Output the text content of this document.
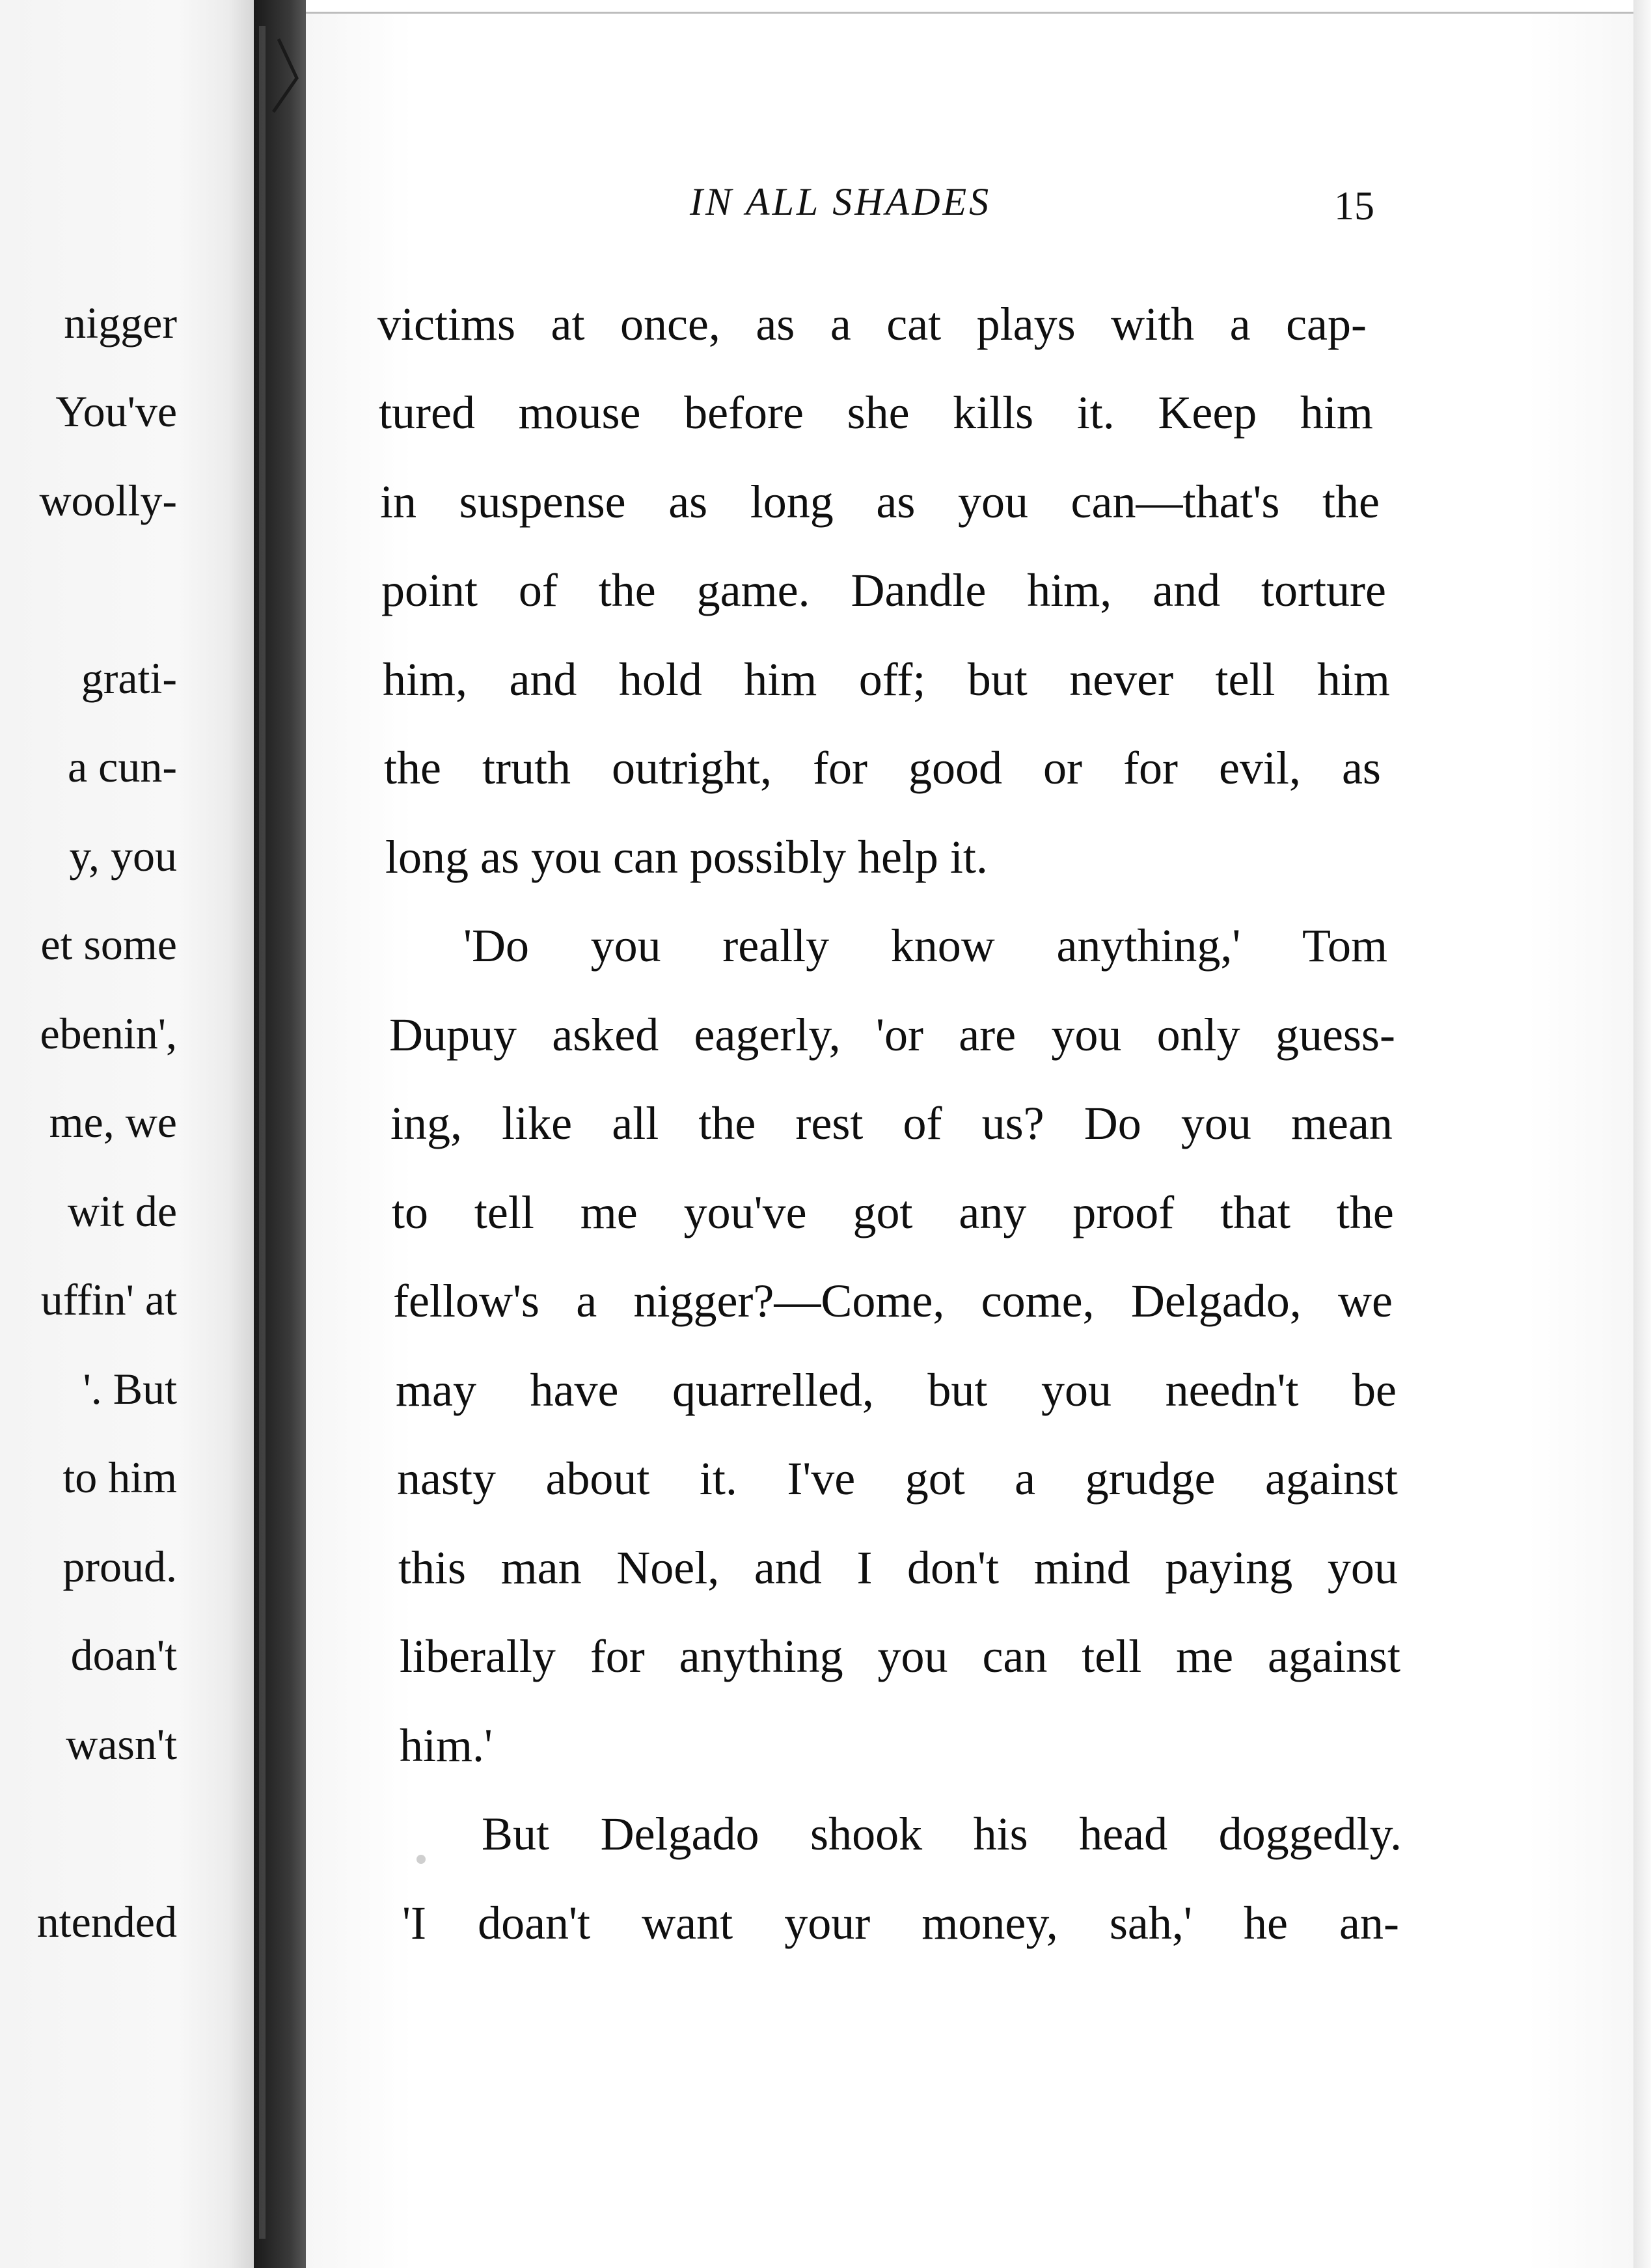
nigger
You've
woolly-
gratі-
a cun-
y, you
et some
ebenin',
me, we
wit de
uffin' at
'. But
to him
proud.
doan't
wasn't
ntended
IN ALL SHADES	15
victims at once, as a cat plays with a cap-
tured mouse before she kills it. Keep him
in suspense as long as you can—that's the
point of the game. Dandle him, and torture
him, and hold him off; but never tell him
the truth outright, for good or for evil, as
long as you can possibly help it.
'Do you really know anything,' Tom
Dupuy asked eagerly, 'or are you only guess-
ing, like all the rest of us? Do you mean
to tell me you've got any proof that the
fellow's a nigger?—Come, come, Delgado, we
may have quarrelled, but you needn't be
nasty about it. I've got a grudge against
this man Noel, and I don't mind paying you
liberally for anything you can tell me against
him.'
But Delgado shook his head doggedly.
'I doan't want your money, sah,' he an-
